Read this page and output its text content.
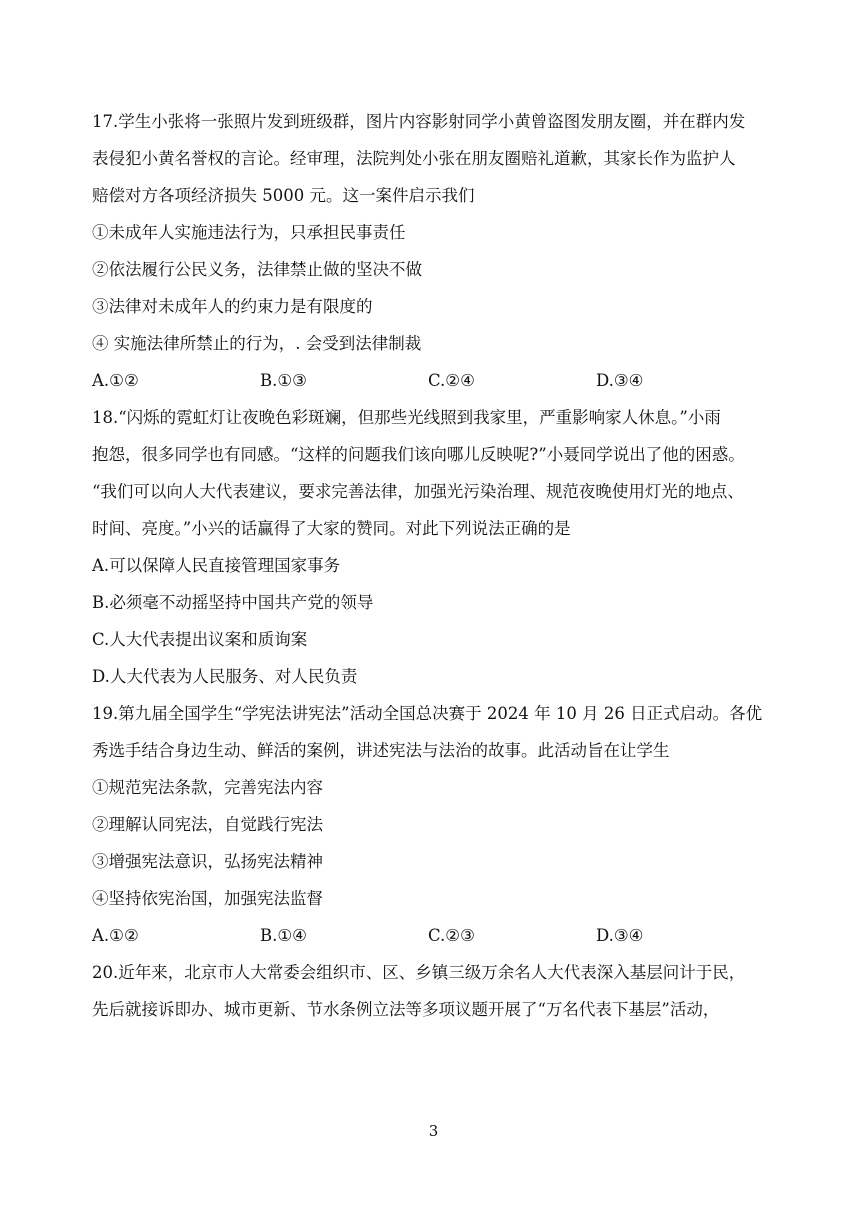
17.学生小张将一张照片发到班级群，图片内容影射同学小黄曾盗图发朋友圈，并在群内发
表侵犯小黄名誉权的言论。经审理，法院判处小张在朋友圈赔礼道歉，其家长作为监护人
赔偿对方各项经济损失 5000 元。这一案件启示我们
①未成年人实施违法行为，只承担民事责任
②依法履行公民义务，法律禁止做的坚决不做
③法律对未成年人的约束力是有限度的
④ 实施法律所禁止的行为，. 会受到法律制裁
A.①②	B.①③	C.②④	D.③④
18.“闪烁的霓虹灯让夜晚色彩斑斓，但那些光线照到我家里，严重影响家人休息。”小雨
抱怨，很多同学也有同感。“这样的问题我们该向哪儿反映呢?”小聂同学说出了他的困惑。
“我们可以向人大代表建议，要求完善法律，加强光污染治理、规范夜晚使用灯光的地点、
时间、亮度。”小兴的话赢得了大家的赞同。对此下列说法正确的是
A.可以保障人民直接管理国家事务
B.必须毫不动摇坚持中国共产党的领导
C.人大代表提出议案和质询案
D.人大代表为人民服务、对人民负责
19.第九届全国学生“学宪法讲宪法”活动全国总决赛于 2024 年 10 月 26 日正式启动。各优
秀选手结合身边生动、鲜活的案例，讲述宪法与法治的故事。此活动旨在让学生
①规范宪法条款，完善宪法内容
②理解认同宪法，自觉践行宪法
③增强宪法意识，弘扬宪法精神
④坚持依宪治国，加强宪法监督
A.①②	B.①④	C.②③	D.③④
20.近年来，北京市人大常委会组织市、区、乡镇三级万余名人大代表深入基层问计于民，
先后就接诉即办、城市更新、节水条例立法等多项议题开展了“万名代表下基层”活动，
3
